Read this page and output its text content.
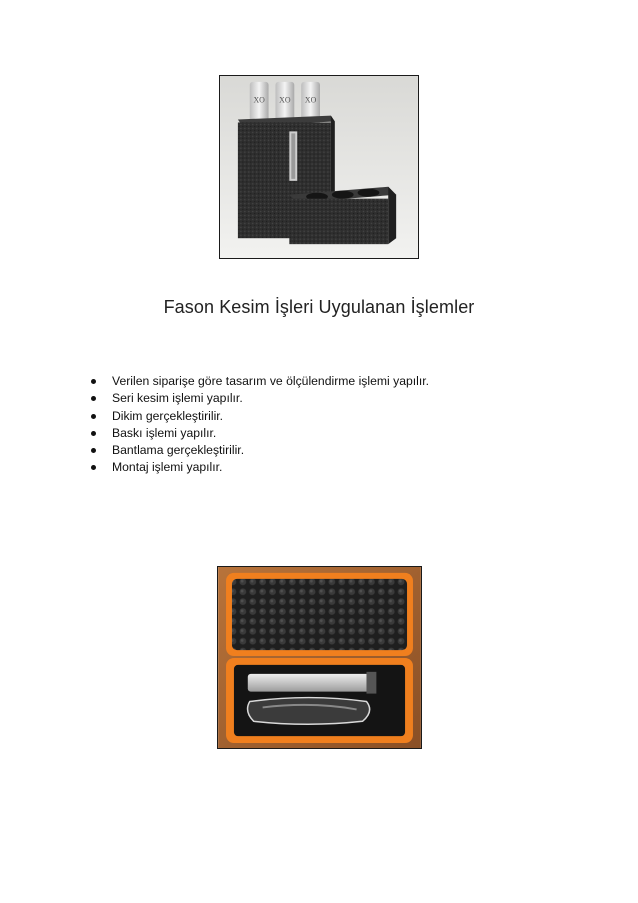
XO XO XO
Fason Kesim İşleri Uygulanan İşlemler
Verilen siparişe göre tasarım ve ölçülendirme işlemi yapılır.
Seri kesim işlemi yapılır.
Dikim gerçekleştirilir.
Baskı işlemi yapılır.
Bantlama gerçekleştirilir.
Montaj işlemi yapılır.
